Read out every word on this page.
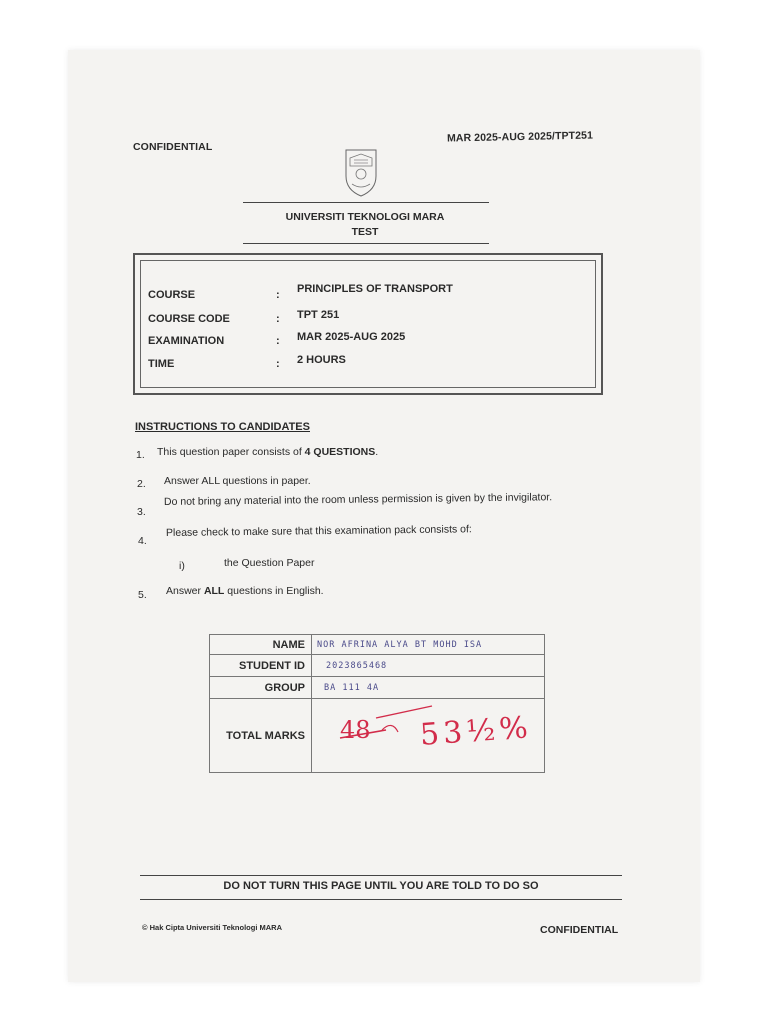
CONFIDENTIAL
MAR 2025-AUG 2025/TPT251
UNIVERSITI TEKNOLOGI MARA
TEST
COURSE	: PRINCIPLES OF TRANSPORT
COURSE CODE	: TPT 251
EXAMINATION	: MAR 2025-AUG 2025
TIME	: 2 HOURS
INSTRUCTIONS TO CANDIDATES
1. This question paper consists of 4 QUESTIONS.
2. Answer ALL questions in paper.
3.
Do not bring any material into the room unless permission is given by the invigilator.
4.
Please check to make sure that this examination pack consists of:
i)	the Question Paper
5. Answer ALL questions in English.
NAME	NOR AFRINA ALYA BT MOHD ISA
STUDENT ID	2023865468
GROUP	BA 111 4A
TOTAL MARKS	48 53½%
DO NOT TURN THIS PAGE UNTIL YOU ARE TOLD TO DO SO
© Hak Cipta Universiti Teknologi MARA	CONFIDENTIAL
